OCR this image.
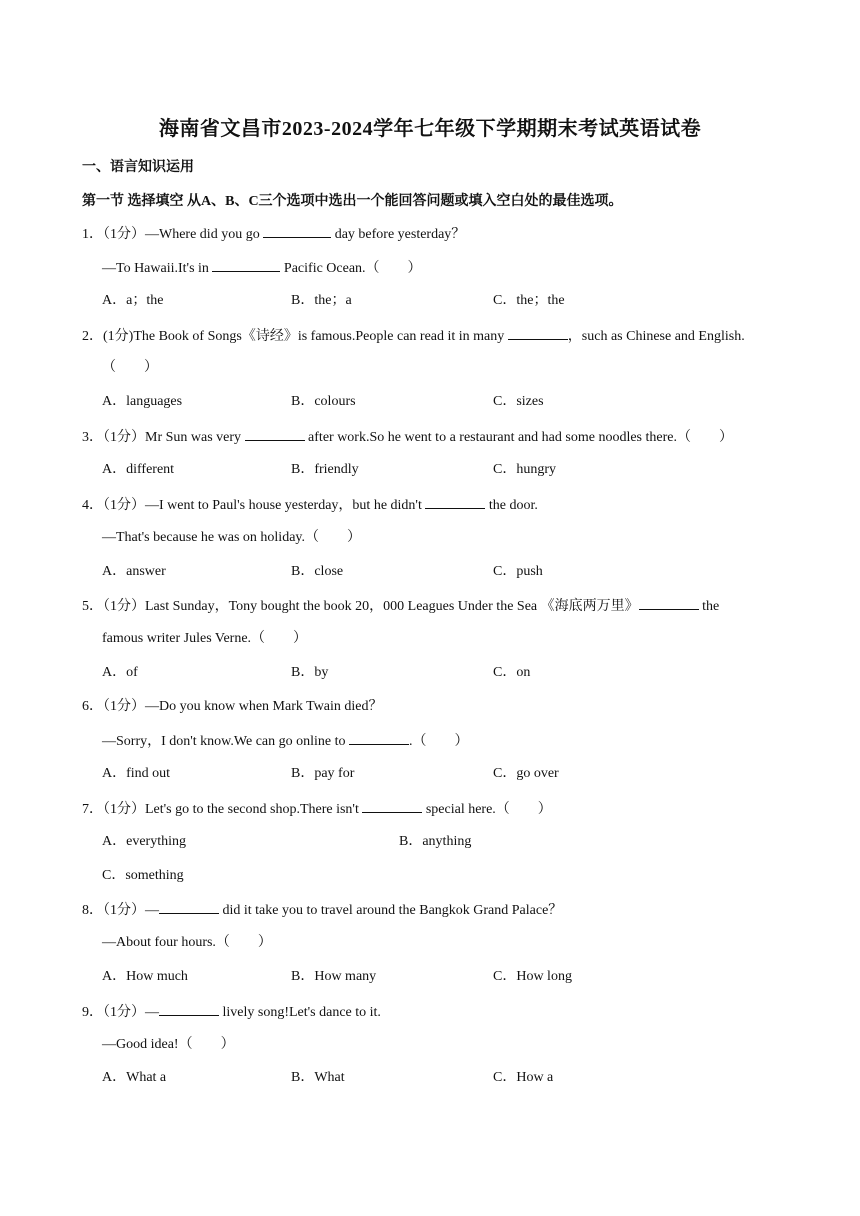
海南省文昌市2023-2024学年七年级下学期期末考试英语试卷
一、语言知识运用
第一节 选择填空 从A、B、C三个选项中选出一个能回答问题或填入空白处的最佳选项。
1．（1分）—Where did you go	day before yesterday？
—To Hawaii.It's in	Pacific Ocean.（　　）
A．a；the	B．the；a	C．the；the
2．(1分)The Book of Songs《诗经》is famous.People can read it in many	，such as Chinese and English.
（　　）
A．languages	B．colours	C．sizes
3．（1分）Mr Sun was very	after work.So he went to a restaurant and had some noodles there.（　　）
A．different	B．friendly	C．hungry
4．（1分）—I went to Paul's house yesterday，but he didn't	the door.
—That's because he was on holiday.（　　）
A．answer	B．close	C．push
5．（1分）Last Sunday，Tony bought the book 20，000 Leagues Under the Sea 《海底两万里》	the
famous writer Jules Verne.（　　）
A．of	B．by	C．on
6．（1分）—Do you know when Mark Twain died？
—Sorry，I don't know.We can go online to	.（　　）
A．find out	B．pay for	C．go over
7．（1分）Let's go to the second shop.There isn't	special here.（　　）
A．everything	B．anything
C．something
8．（1分）—	did it take you to travel around the Bangkok Grand Palace？
—About four hours.（　　）
A．How much	B．How many	C．How long
9．（1分）—	lively song!Let's dance to it.
—Good idea!（　　）
A．What a	B．What	C．How a
